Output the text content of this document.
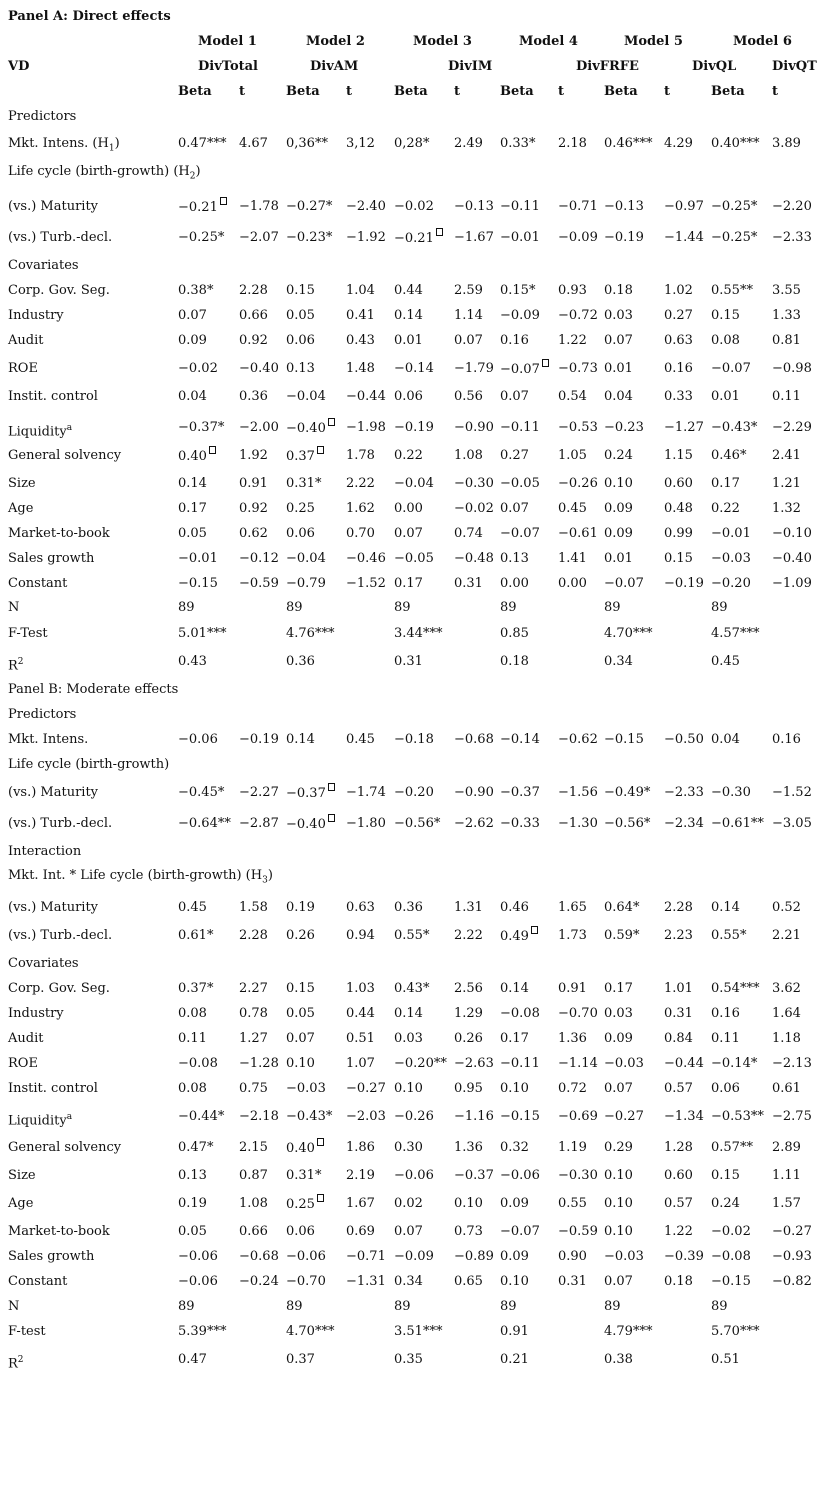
Panel A: Direct effects
Model 1	Model 2	Model 3	Model 4	Model 5	Model 6
VD	DivTotal	DivAM	DivIM	DivFRFE	DivQL	DivQT
Beta t	Beta t	Beta t	Beta t	Beta t	Beta t
Predictors
Mkt. Intens. $(H_1)$	0.47*** 4.67 0,36** 3,12 0,28* 2.49 0.33* 2.18 0.46*** 4.29 0.40*** 3.89
Life cycle (birth-growth) $(H_2)$
(vs.) Maturity	−0.21	−1.78 −0.27* −2.40 −0.02 −0.13 −0.11 −0.71 −0.13 −0.97 −0.25* −2.20
(vs.) Turb.-decl.	−0.25* −2.07 −0.23* −1.92 −0.21	−1.67 −0.01 −0.09 −0.19 −1.44 −0.25* −2.33
Covariates
Corp. Gov. Seg.	0.38* 2.28 0.15 1.04 0.44 2.59 0.15* 0.93 0.18 1.02 0.55** 3.55
Industry	0.07 0.66 0.05 0.41 0.14 1.14 −0.09 −0.72 0.03 0.27 0.15 1.33
Audit	0.09 0.92 0.06 0.43 0.01 0.07 0.16 1.22 0.07 0.63 0.08 0.81
ROE	−0.02 −0.40 0.13 1.48 −0.14 −1.79 −0.07	−0.73 0.01 0.16 −0.07 −0.98
Instit. control	0.04 0.36 −0.04 −0.44 0.06 0.56 0.07 0.54 0.04 0.33 0.01 0.11
Liquidity$^a$	−0.37* −2.00 −0.40	−1.98 −0.19 −0.90 −0.11 −0.53 −0.23 −1.27 −0.43* −2.29
General solvency	0.40	1.92 0.37	1.78 0.22 1.08 0.27 1.05 0.24 1.15 0.46* 2.41
Size	0.14 0.91 0.31* 2.22 −0.04 −0.30 −0.05 −0.26 0.10 0.60 0.17 1.21
Age	0.17 0.92 0.25 1.62 0.00 −0.02 0.07 0.45 0.09 0.48 0.22 1.32
Market-to-book	0.05 0.62 0.06 0.70 0.07 0.74 −0.07 −0.61 0.09 0.99 −0.01 −0.10
Sales growth	−0.01 −0.12 −0.04 −0.46 −0.05 −0.48 0.13 1.41 0.01 0.15 −0.03 −0.40
Constant	−0.15 −0.59 −0.79 −1.52 0.17 0.31 0.00 0.00 −0.07 −0.19 −0.20 −1.09
N	89	89	89	89	89	89
F-Test	5.01***	4.76***	3.44***	0.85	4.70***	4.57***
$R^2$	0.43	0.36	0.31	0.18	0.34	0.45
Panel B: Moderate effects
Predictors
Mkt. Intens.	−0.06 −0.19 0.14 0.45 −0.18 −0.68 −0.14 −0.62 −0.15 −0.50 0.04 0.16
Life cycle (birth-growth)
(vs.) Maturity	−0.45* −2.27 −0.37	−1.74 −0.20 −0.90 −0.37 −1.56 −0.49* −2.33 −0.30 −1.52
(vs.) Turb.-decl.	−0.64** −2.87 −0.40	−1.80 −0.56* −2.62 −0.33 −1.30 −0.56* −2.34 −0.61** −3.05
Interaction
Mkt. Int. * Life cycle (birth-growth) $(H_3)$
(vs.) Maturity	0.45 1.58 0.19 0.63 0.36 1.31 0.46 1.65 0.64* 2.28 0.14 0.52
(vs.) Turb.-decl.	0.61* 2.28 0.26 0.94 0.55* 2.22 0.49	1.73 0.59* 2.23 0.55* 2.21
Covariates
Corp. Gov. Seg.	0.37* 2.27 0.15 1.03 0.43* 2.56 0.14 0.91 0.17 1.01 0.54*** 3.62
Industry	0.08 0.78 0.05 0.44 0.14 1.29 −0.08 −0.70 0.03 0.31 0.16 1.64
Audit	0.11 1.27 0.07 0.51 0.03 0.26 0.17 1.36 0.09 0.84 0.11 1.18
ROE	−0.08 −1.28 0.10 1.07 −0.20** −2.63 −0.11 −1.14 −0.03 −0.44 −0.14* −2.13
Instit. control	0.08 0.75 −0.03 −0.27 0.10 0.95 0.10 0.72 0.07 0.57 0.06 0.61
Liquidity$^a$	−0.44* −2.18 −0.43* −2.03 −0.26 −1.16 −0.15 −0.69 −0.27 −1.34 −0.53** −2.75
General solvency	0.47* 2.15 0.40	1.86 0.30 1.36 0.32 1.19 0.29 1.28 0.57** 2.89
Size	0.13 0.87 0.31* 2.19 −0.06 −0.37 −0.06 −0.30 0.10 0.60 0.15 1.11
Age	0.19 1.08 0.25	1.67 0.02 0.10 0.09 0.55 0.10 0.57 0.24 1.57
Market-to-book	0.05 0.66 0.06 0.69 0.07 0.73 −0.07 −0.59 0.10 1.22 −0.02 −0.27
Sales growth	−0.06 −0.68 −0.06 −0.71 −0.09 −0.89 0.09 0.90 −0.03 −0.39 −0.08 −0.93
Constant	−0.06 −0.24 −0.70 −1.31 0.34 0.65 0.10 0.31 0.07 0.18 −0.15 −0.82
N	89	89	89	89	89	89
F-test	5.39***	4.70***	3.51***	0.91	4.79***	5.70***
$R^2$	0.47	0.37	0.35	0.21	0.38	0.51
